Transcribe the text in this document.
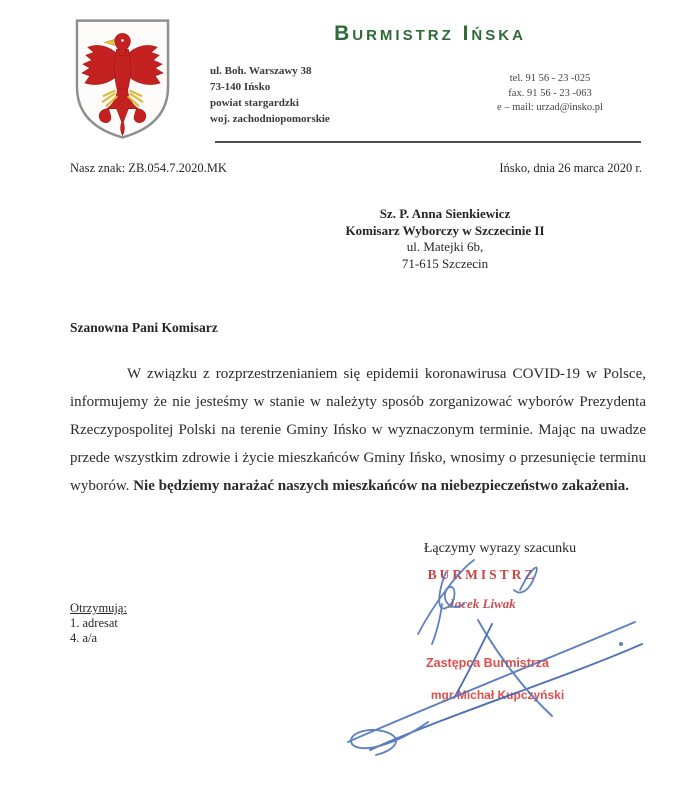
Burmistrz Ińska
ul. Boh. Warszawy 38
73-140 Ińsko
powiat stargardzki
woj. zachodniopomorskie
tel. 91 56 - 23 -025
fax. 91 56 - 23 -063
e – mail: urzad@insko.pl
Nasz znak: ZB.054.7.2020.MK	Ińsko, dnia 26 marca 2020 r.
Sz. P. Anna Sienkiewicz
Komisarz Wyborczy w Szczecinie II
ul. Matejki 6b,
71-615 Szczecin
Szanowna Pani Komisarz

W związku z rozprzestrzenianiem się epidemii koronawirusa COVID-19 w Polsce, informujemy że nie jesteśmy w stanie w należyty sposób zorganizować wyborów Prezydenta Rzeczypospolitej Polski na terenie Gminy Ińsko w wyznaczonym terminie. Mając na uwadze przede wszystkim zdrowie i życie mieszkańców Gminy Ińsko, wnosimy o przesunięcie terminu wyborów. Nie będziemy narażać naszych mieszkańców na niebezpieczeństwo zakażenia.

Łączymy wyrazy szacunku
BURMISTRZ
Jacek Liwak
Zastępca Burmistrza
mgr Michał Kupczyński
Otrzymują:
1. adresat
4. a/a
